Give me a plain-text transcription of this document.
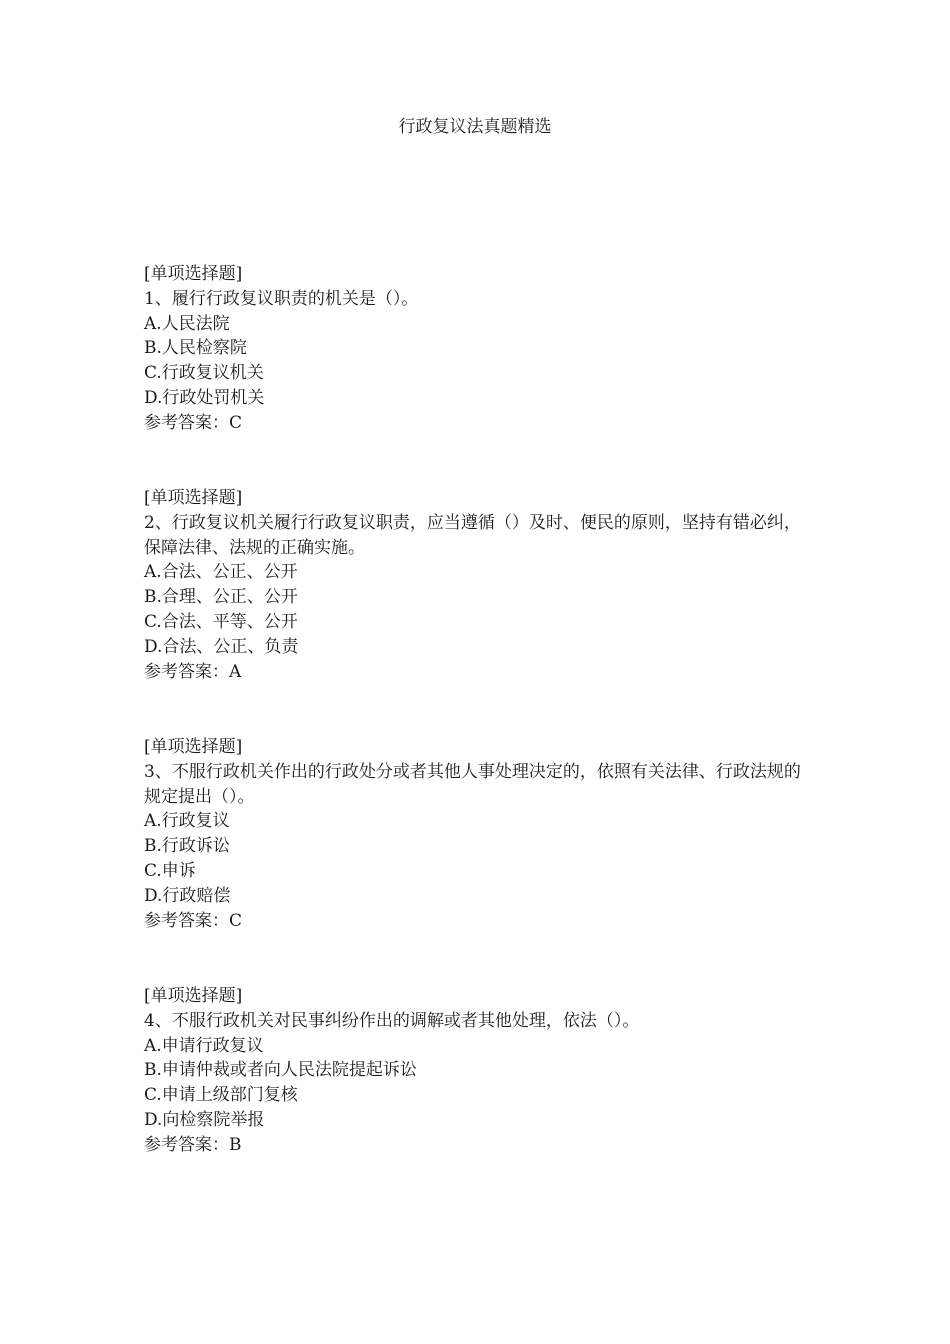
行政复议法真题精选
[单项选择题]
1、履行行政复议职责的机关是（）。
A.人民法院
B.人民检察院
C.行政复议机关
D.行政处罚机关
参考答案：C
[单项选择题]
2、行政复议机关履行行政复议职责，应当遵循（）及时、便民的原则，坚持有错必纠，保障法律、法规的正确实施。
A.合法、公正、公开
B.合理、公正、公开
C.合法、平等、公开
D.合法、公正、负责
参考答案：A
[单项选择题]
3、不服行政机关作出的行政处分或者其他人事处理决定的，依照有关法律、行政法规的规定提出（）。
A.行政复议
B.行政诉讼
C.申诉
D.行政赔偿
参考答案：C
[单项选择题]
4、不服行政机关对民事纠纷作出的调解或者其他处理，依法（）。
A.申请行政复议
B.申请仲裁或者向人民法院提起诉讼
C.申请上级部门复核
D.向检察院举报
参考答案：B
